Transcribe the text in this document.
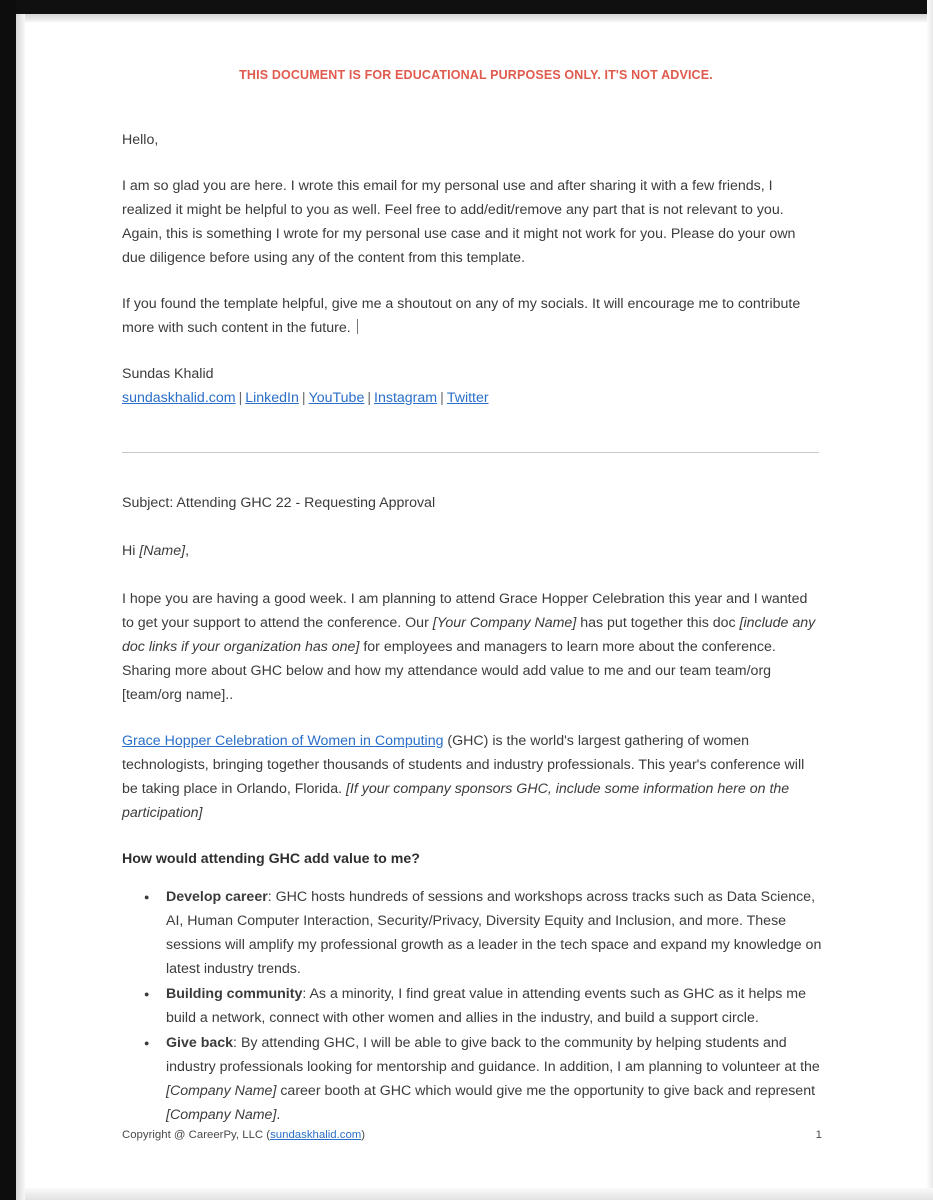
THIS DOCUMENT IS FOR EDUCATIONAL PURPOSES ONLY. IT'S NOT ADVICE.

Hello,

I am so glad you are here. I wrote this email for my personal use and after sharing it with a few friends, I realized it might be helpful to you as well. Feel free to add/edit/remove any part that is not relevant to you. Again, this is something I wrote for my personal use case and it might not work for you. Please do your own due diligence before using any of the content from this template.

If you found the template helpful, give me a shoutout on any of my socials. It will encourage me to contribute more with such content in the future.

Sundas Khalid

sundaskhalid.com | LinkedIn | YouTube | Instagram | Twitter

Subject: Attending GHC 22 - Requesting Approval

Hi [Name],

I hope you are having a good week. I am planning to attend Grace Hopper Celebration this year and I wanted to get your support to attend the conference. Our [Your Company Name] has put together this doc [include any doc links if your organization has one] for employees and managers to learn more about the conference. Sharing more about GHC below and how my attendance would add value to me and our team team/org [team/org name]..

Grace Hopper Celebration of Women in Computing (GHC) is the world's largest gathering of women technologists, bringing together thousands of students and industry professionals. This year's conference will be taking place in Orlando, Florida. [If your company sponsors GHC, include some information here on the participation]

How would attending GHC add value to me?
● Develop career: GHC hosts hundreds of sessions and workshops across tracks such as Data Science, AI, Human Computer Interaction, Security/Privacy, Diversity Equity and Inclusion, and more. These sessions will amplify my professional growth as a leader in the tech space and expand my knowledge on latest industry trends.
● Building community: As a minority, I find great value in attending events such as GHC as it helps me build a network, connect with other women and allies in the industry, and build a support circle.
● Give back: By attending GHC, I will be able to give back to the community by helping students and industry professionals looking for mentorship and guidance. In addition, I am planning to volunteer at the [Company Name] career booth at GHC which would give me the opportunity to give back and represent [Company Name].
Copyright @ CareerPy, LLC (sundaskhalid.com)	1
